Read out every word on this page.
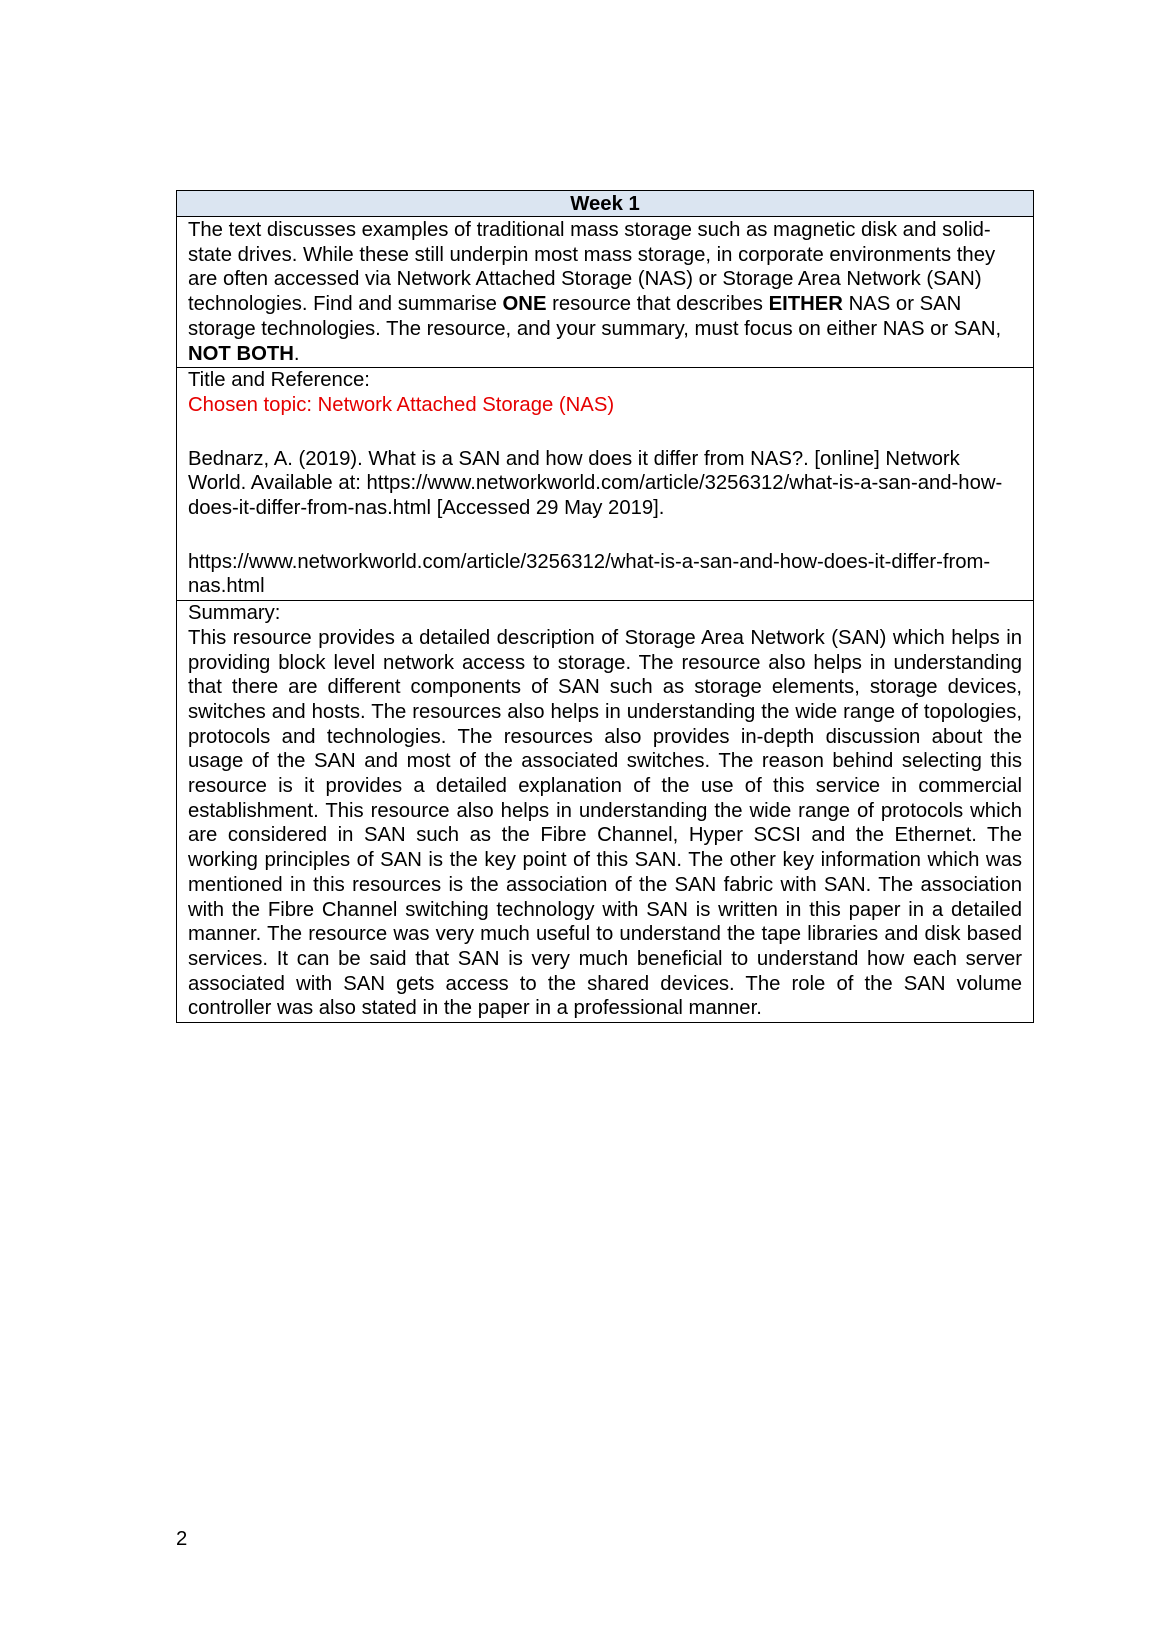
Week 1
The text discusses examples of traditional mass storage such as magnetic disk and solid-state drives. While these still underpin most mass storage, in corporate environments they are often accessed via Network Attached Storage (NAS) or Storage Area Network (SAN) technologies. Find and summarise ONE resource that describes EITHER NAS or SAN storage technologies. The resource, and your summary, must focus on either NAS or SAN, NOT BOTH.

Title and Reference:
Chosen topic: Network Attached Storage (NAS)
Bednarz, A. (2019). What is a SAN and how does it differ from NAS?. [online] Network World. Available at: https://www.networkworld.com/article/3256312/what-is-a-san-and-how-does-it-differ-from-nas.html [Accessed 29 May 2019].
https://www.networkworld.com/article/3256312/what-is-a-san-and-how-does-it-differ-from-nas.html

Summary:
This resource provides a detailed description of Storage Area Network (SAN) which helps in providing block level network access to storage. The resource also helps in understanding that there are different components of SAN such as storage elements, storage devices, switches and hosts. The resources also helps in understanding the wide range of topologies, protocols and technologies. The resources also provides in-depth discussion about the usage of the SAN and most of the associated switches. The reason behind selecting this resource is it provides a detailed explanation of the use of this service in commercial establishment. This resource also helps in understanding the wide range of protocols which are considered in SAN such as the Fibre Channel, Hyper SCSI and the Ethernet. The working principles of SAN is the key point of this SAN. The other key information which was mentioned in this resources is the association of the SAN fabric with SAN. The association with the Fibre Channel switching technology with SAN is written in this paper in a detailed manner. The resource was very much useful to understand the tape libraries and disk based services. It can be said that SAN is very much beneficial to understand how each server associated with SAN gets access to the shared devices. The role of the SAN volume controller was also stated in the paper in a professional manner.
2
